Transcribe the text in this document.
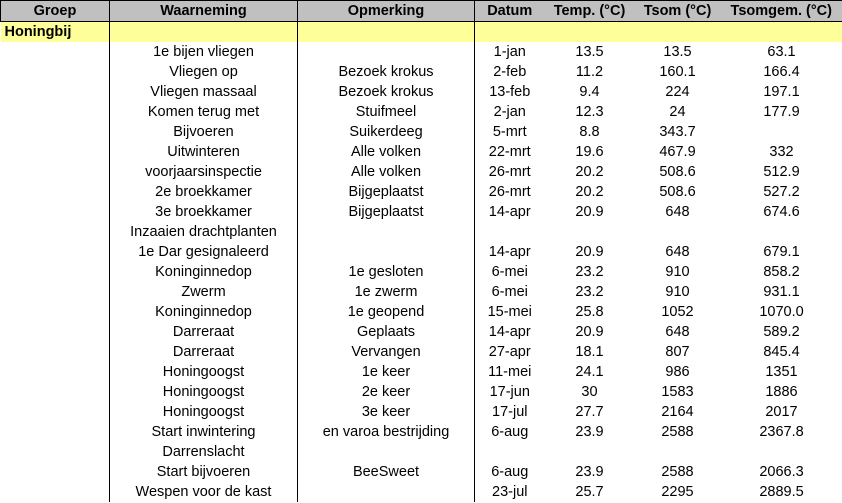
Groep	Waarneming	Opmerking	Datum	Temp. (°C)	Tsom (°C)	Tsomgem. (°C)
Honingbij						
	1e bijen vliegen		1-jan	13.5	13.5	63.1
	Vliegen op	Bezoek krokus	2-feb	11.2	160.1	166.4
	Vliegen massaal	Bezoek krokus	13-feb	9.4	224	197.1
	Komen terug met	Stuifmeel	2-jan	12.3	24	177.9
	Bijvoeren	Suikerdeeg	5-mrt	8.8	343.7	
	Uitwinteren	Alle volken	22-mrt	19.6	467.9	332
	voorjaarsinspectie	Alle volken	26-mrt	20.2	508.6	512.9
	2e broekkamer	Bijgeplaatst	26-mrt	20.2	508.6	527.2
	3e broekkamer	Bijgeplaatst	14-apr	20.9	648	674.6
	Inzaaien drachtplanten					
	1e Dar gesignaleerd		14-apr	20.9	648	679.1
	Koninginnedop	1e gesloten	6-mei	23.2	910	858.2
	Zwerm	1e zwerm	6-mei	23.2	910	931.1
	Koninginnedop	1e geopend	15-mei	25.8	1052	1070.0
	Darreraat	Geplaats	14-apr	20.9	648	589.2
	Darreraat	Vervangen	27-apr	18.1	807	845.4
	Honingoogst	1e keer	11-mei	24.1	986	1351
	Honingoogst	2e keer	17-jun	30	1583	1886
	Honingoogst	3e keer	17-jul	27.7	2164	2017
	Start inwintering	en varoa bestrijding	6-aug	23.9	2588	2367.8
	Darrenslacht					
	Start bijvoeren	BeeSweet	6-aug	23.9	2588	2066.3
	Wespen voor de kast		23-jul	25.7	2295	2889.5
